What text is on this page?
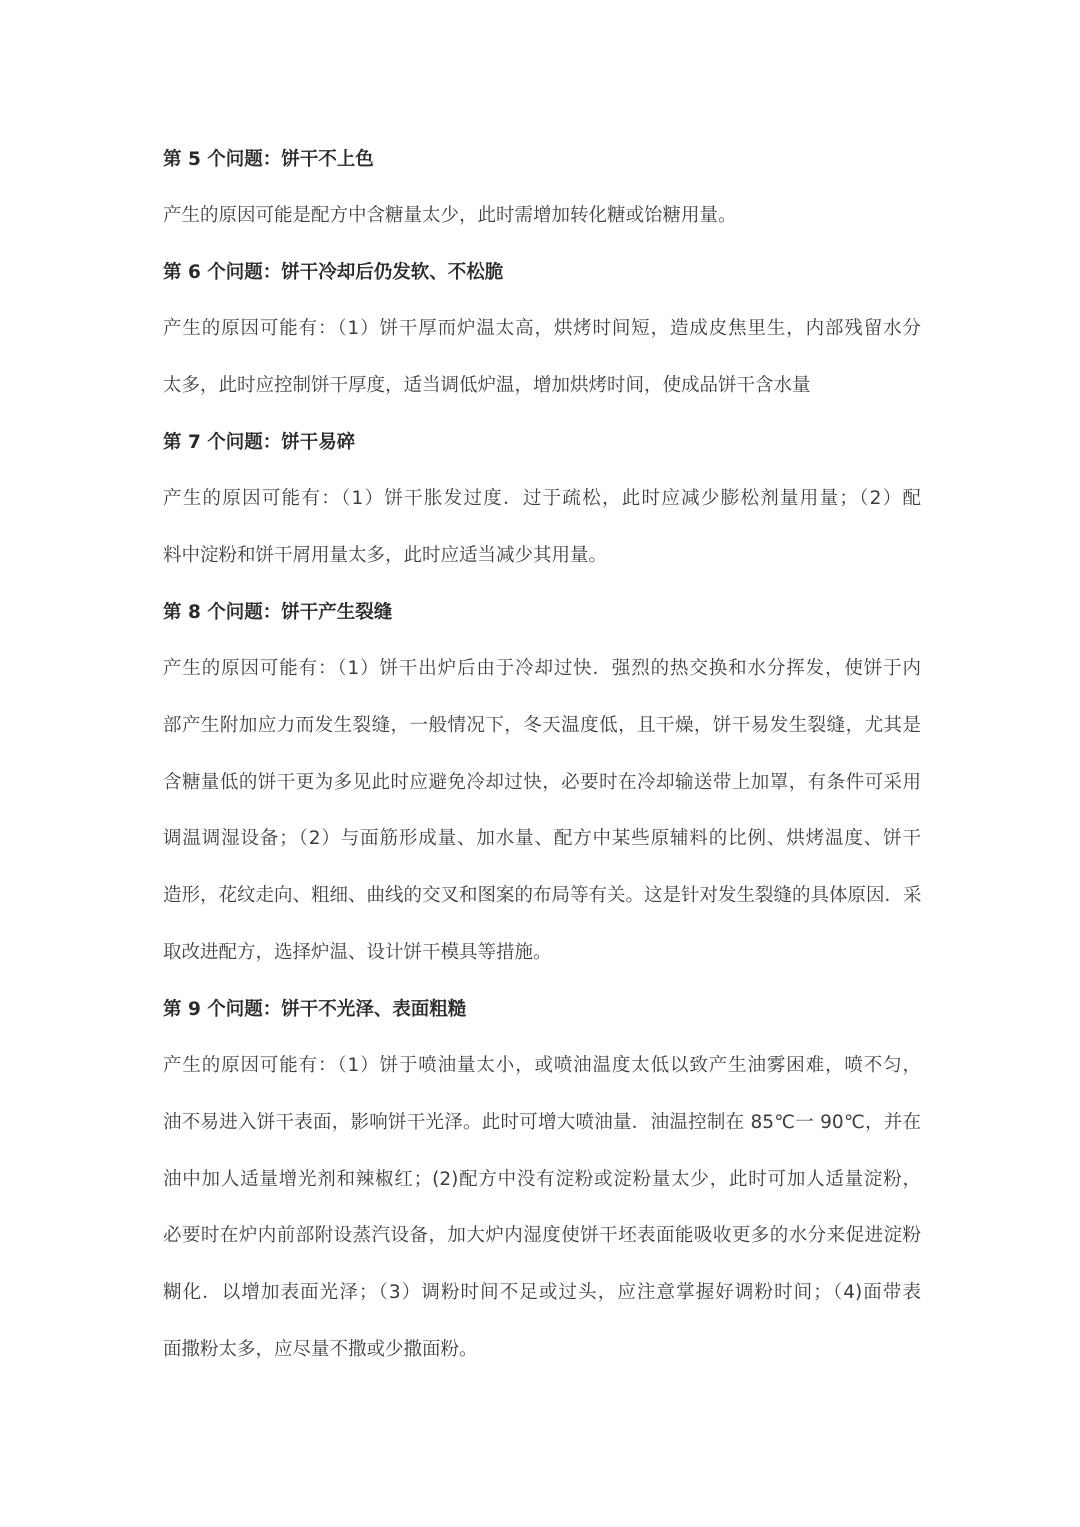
第 5 个问题：饼干不上色
产生的原因可能是配方中含糖量太少，此时需增加转化糖或饴糖用量。
第 6 个问题：饼干冷却后仍发软、不松脆
产生的原因可能有：（1）饼干厚而炉温太高，烘烤时间短，造成皮焦里生，内部残留水分
太多，此时应控制饼干厚度，适当调低炉温，增加烘烤时间，使成品饼干含水量
第 7 个问题：饼干易碎
产生的原因可能有：（1）饼干胀发过度．过于疏松，此时应减少膨松剂量用量；（2）配
料中淀粉和饼干屑用量太多，此时应适当减少其用量。
第 8 个问题：饼干产生裂缝
产生的原因可能有：（1）饼干出炉后由于冷却过快．强烈的热交换和水分挥发，使饼于内
部产生附加应力而发生裂缝，一般情况下，冬天温度低，且干燥，饼干易发生裂缝，尤其是
含糖量低的饼干更为多见此时应避免冷却过快，必要时在冷却输送带上加罩，有条件可采用
调温调湿设备；（2）与面筋形成量、加水量、配方中某些原辅料的比例、烘烤温度、饼干
造形，花纹走向、粗细、曲线的交叉和图案的布局等有关。这是针对发生裂缝的具体原因．采
取改进配方，选择炉温、设计饼干模具等措施。
第 9 个问题：饼干不光泽、表面粗糙
产生的原因可能有：（1）饼于喷油量太小，或喷油温度太低以致产生油雾困难，喷不匀，
油不易进入饼干表面，影响饼干光泽。此时可增大喷油量．油温控制在 85℃一 90℃，并在
油中加人适量增光剂和辣椒红；(2)配方中没有淀粉或淀粉量太少，此时可加人适量淀粉，
必要时在炉内前部附设蒸汽设备，加大炉内湿度使饼干坯表面能吸收更多的水分来促进淀粉
糊化．以增加表面光泽；（3）调粉时间不足或过头，应注意掌握好调粉时间；（4)面带表
面撒粉太多，应尽量不撒或少撒面粉。
